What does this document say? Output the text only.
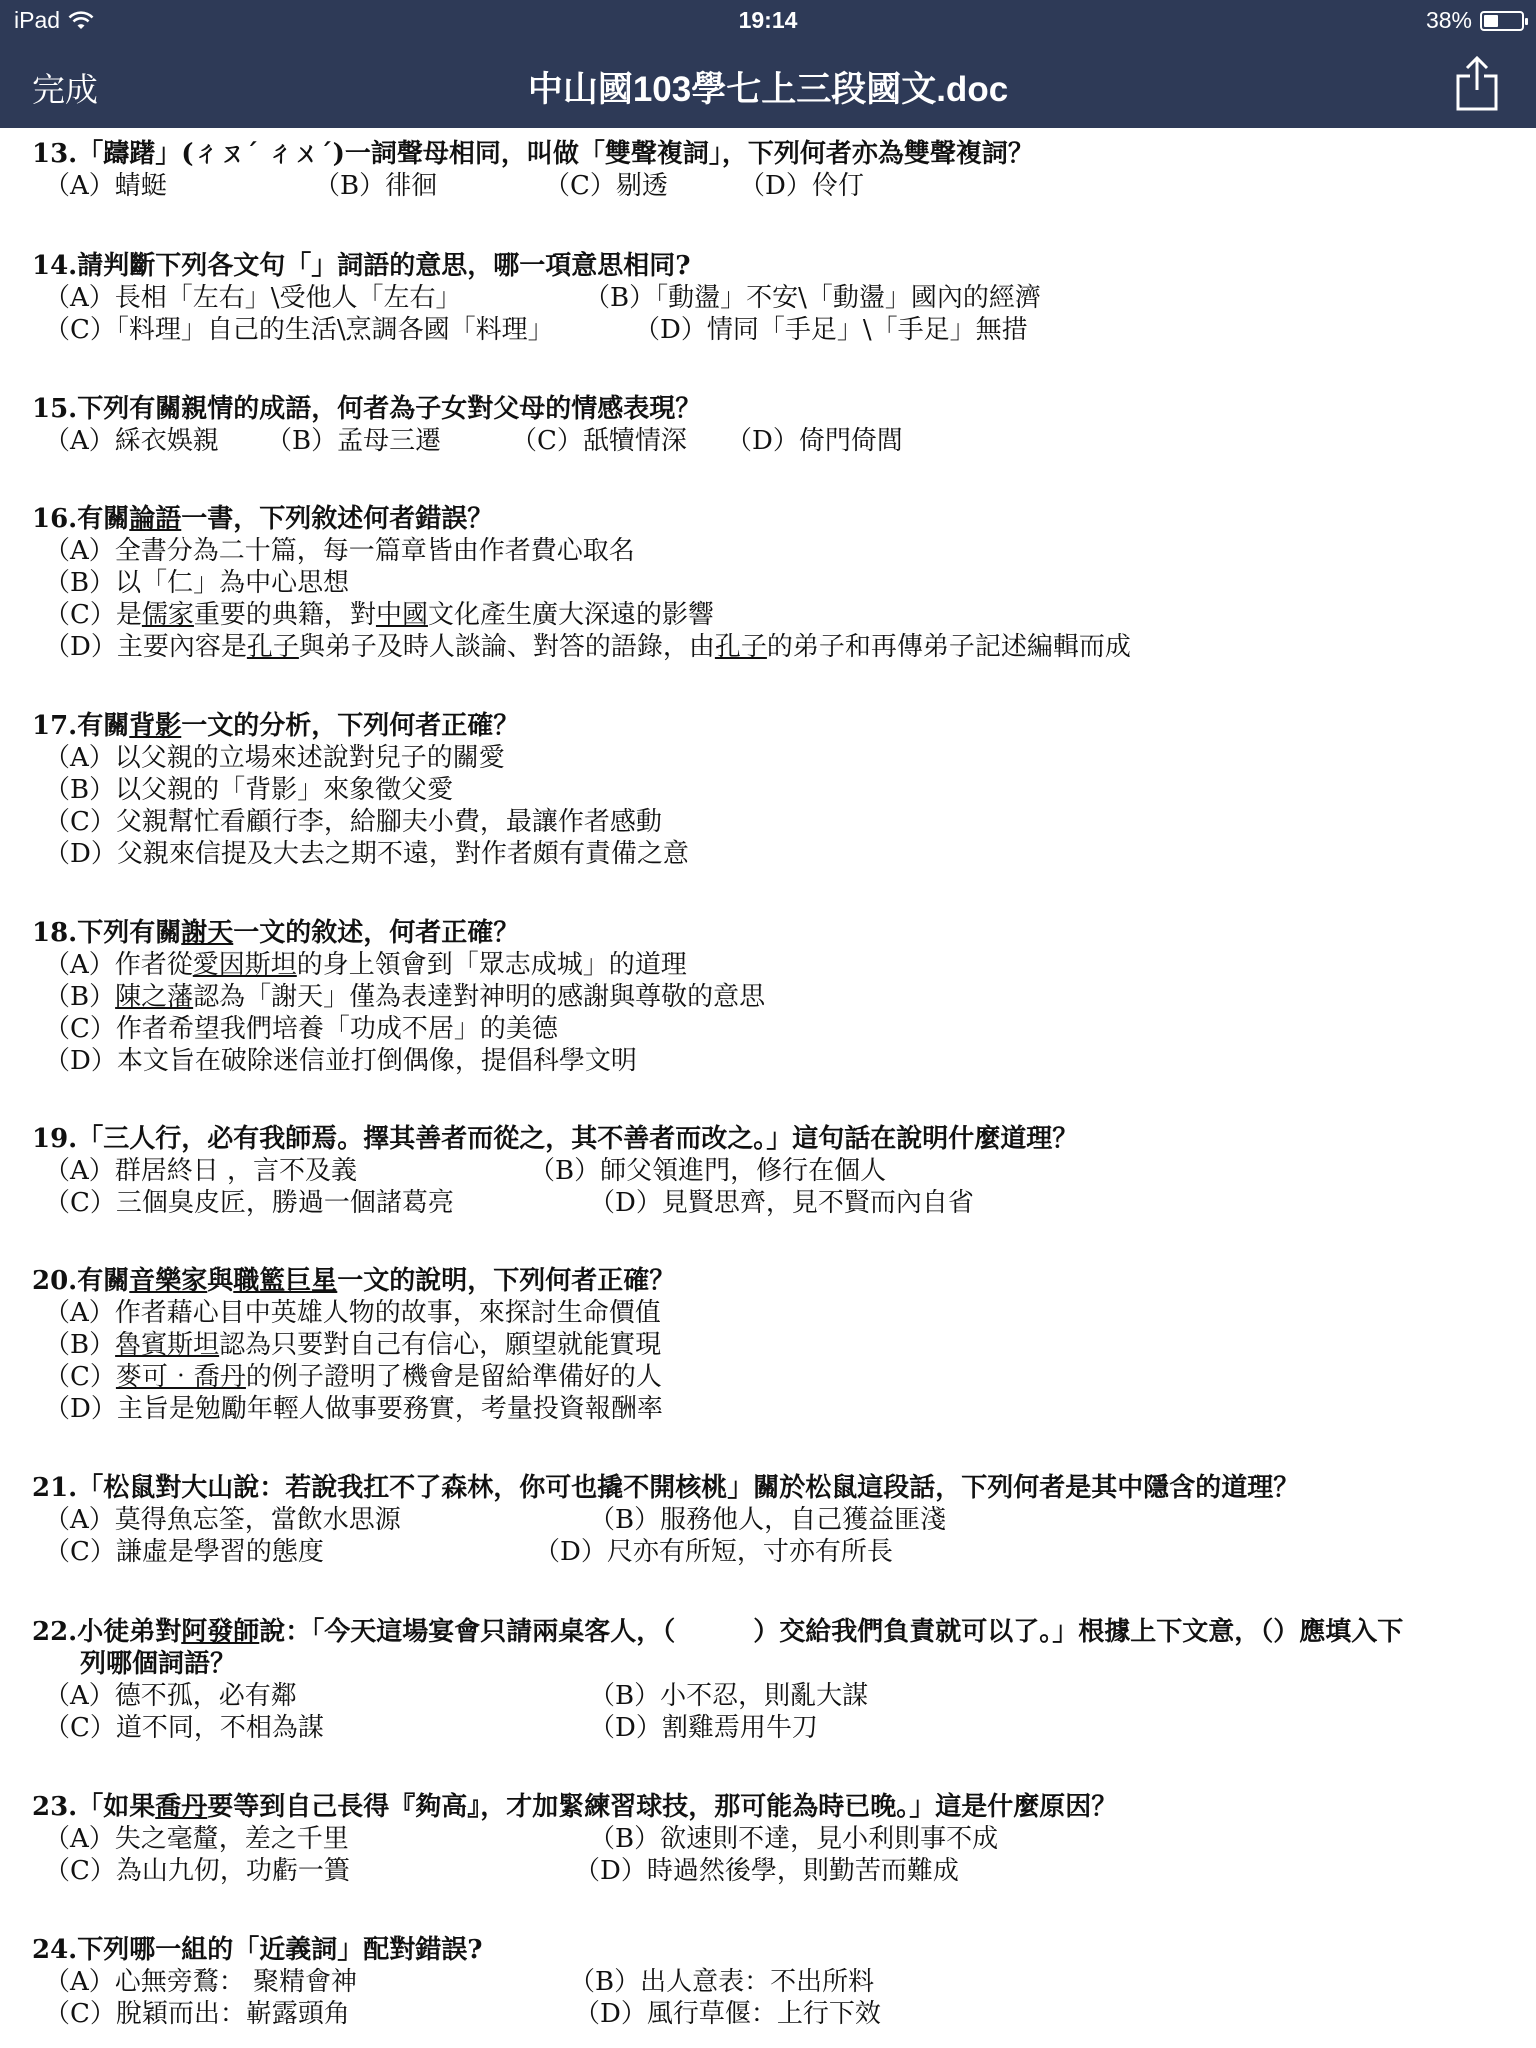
iPad	19:14	38%
完成	中山國103學七上三段國文.doc
13.「躊躇」(ㄔㄡˊ ㄔㄨˊ)一詞聲母相同，叫做「雙聲複詞」，下列何者亦為雙聲複詞？
（A）蜻蜓	（B）徘徊	（C）剔透	（D）伶仃
14.請判斷下列各文句「」詞語的意思，哪一項意思相同?
（A）長相「左右」\受他人「左右」	（B）「動盪」不安\「動盪」國內的經濟
（C）「料理」自己的生活\烹調各國「料理」	（D）情同「手足」\「手足」無措
15.下列有關親情的成語，何者為子女對父母的情感表現？
（A）綵衣娛親	（B）孟母三遷	（C）舐犢情深	（D）倚門倚閭
16.有關論語一書，下列敘述何者錯誤？
（A）全書分為二十篇，每一篇章皆由作者費心取名
（B）以「仁」為中心思想
（C）是儒家重要的典籍，對中國文化產生廣大深遠的影響
（D）主要內容是孔子與弟子及時人談論、對答的語錄，由孔子的弟子和再傳弟子記述編輯而成
17.有關背影一文的分析，下列何者正確？
（A）以父親的立場來述說對兒子的關愛
（B）以父親的「背影」來象徵父愛
（C）父親幫忙看顧行李，給腳夫小費，最讓作者感動
（D）父親來信提及大去之期不遠，對作者頗有責備之意
18.下列有關謝天一文的敘述，何者正確？
（A）作者從愛因斯坦的身上領會到「眾志成城」的道理
（B）陳之藩認為「謝天」僅為表達對神明的感謝與尊敬的意思
（C）作者希望我們培養「功成不居」的美德
（D）本文旨在破除迷信並打倒偶像，提倡科學文明
19.「三人行，必有我師焉。擇其善者而從之，其不善者而改之。」這句話在說明什麼道理？
（A）群居終日 ，言不及義	（B）師父領進門，修行在個人
（C）三個臭皮匠，勝過一個諸葛亮	（D）見賢思齊，見不賢而內自省
20.有關音樂家與職籃巨星一文的說明，下列何者正確？
（A）作者藉心目中英雄人物的故事，來探討生命價值
（B）魯賓斯坦認為只要對自己有信心，願望就能實現
（C）麥可‧喬丹的例子證明了機會是留給準備好的人
（D）主旨是勉勵年輕人做事要務實，考量投資報酬率
21.「松鼠對大山說：若說我扛不了森林，你可也撬不開核桃」關於松鼠這段話，下列何者是其中隱含的道理？
（A）莫得魚忘筌，當飲水思源	（B）服務他人，自己獲益匪淺
（C）謙虛是學習的態度	（D）尺亦有所短，寸亦有所長
22.小徒弟對阿發師說：「今天這場宴會只請兩桌客人，（　　　）交給我們負責就可以了。」根據上下文意，（）應填入下
列哪個詞語？
（A）德不孤，必有鄰	（B）小不忍，則亂大謀
（C）道不同，不相為謀	（D）割雞焉用牛刀
23.「如果喬丹要等到自己長得『夠高』，才加緊練習球技，那可能為時已晚。」這是什麼原因？
（A）失之毫釐，差之千里	（B）欲速則不達，見小利則事不成
（C）為山九仞，功虧一簣	（D）時過然後學，則勤苦而難成
24.下列哪一組的「近義詞」配對錯誤?
（A）心無旁鶩： 聚精會神	（B）出人意表：不出所料
（C）脫穎而出：嶄露頭角	（D）風行草偃：上行下效
